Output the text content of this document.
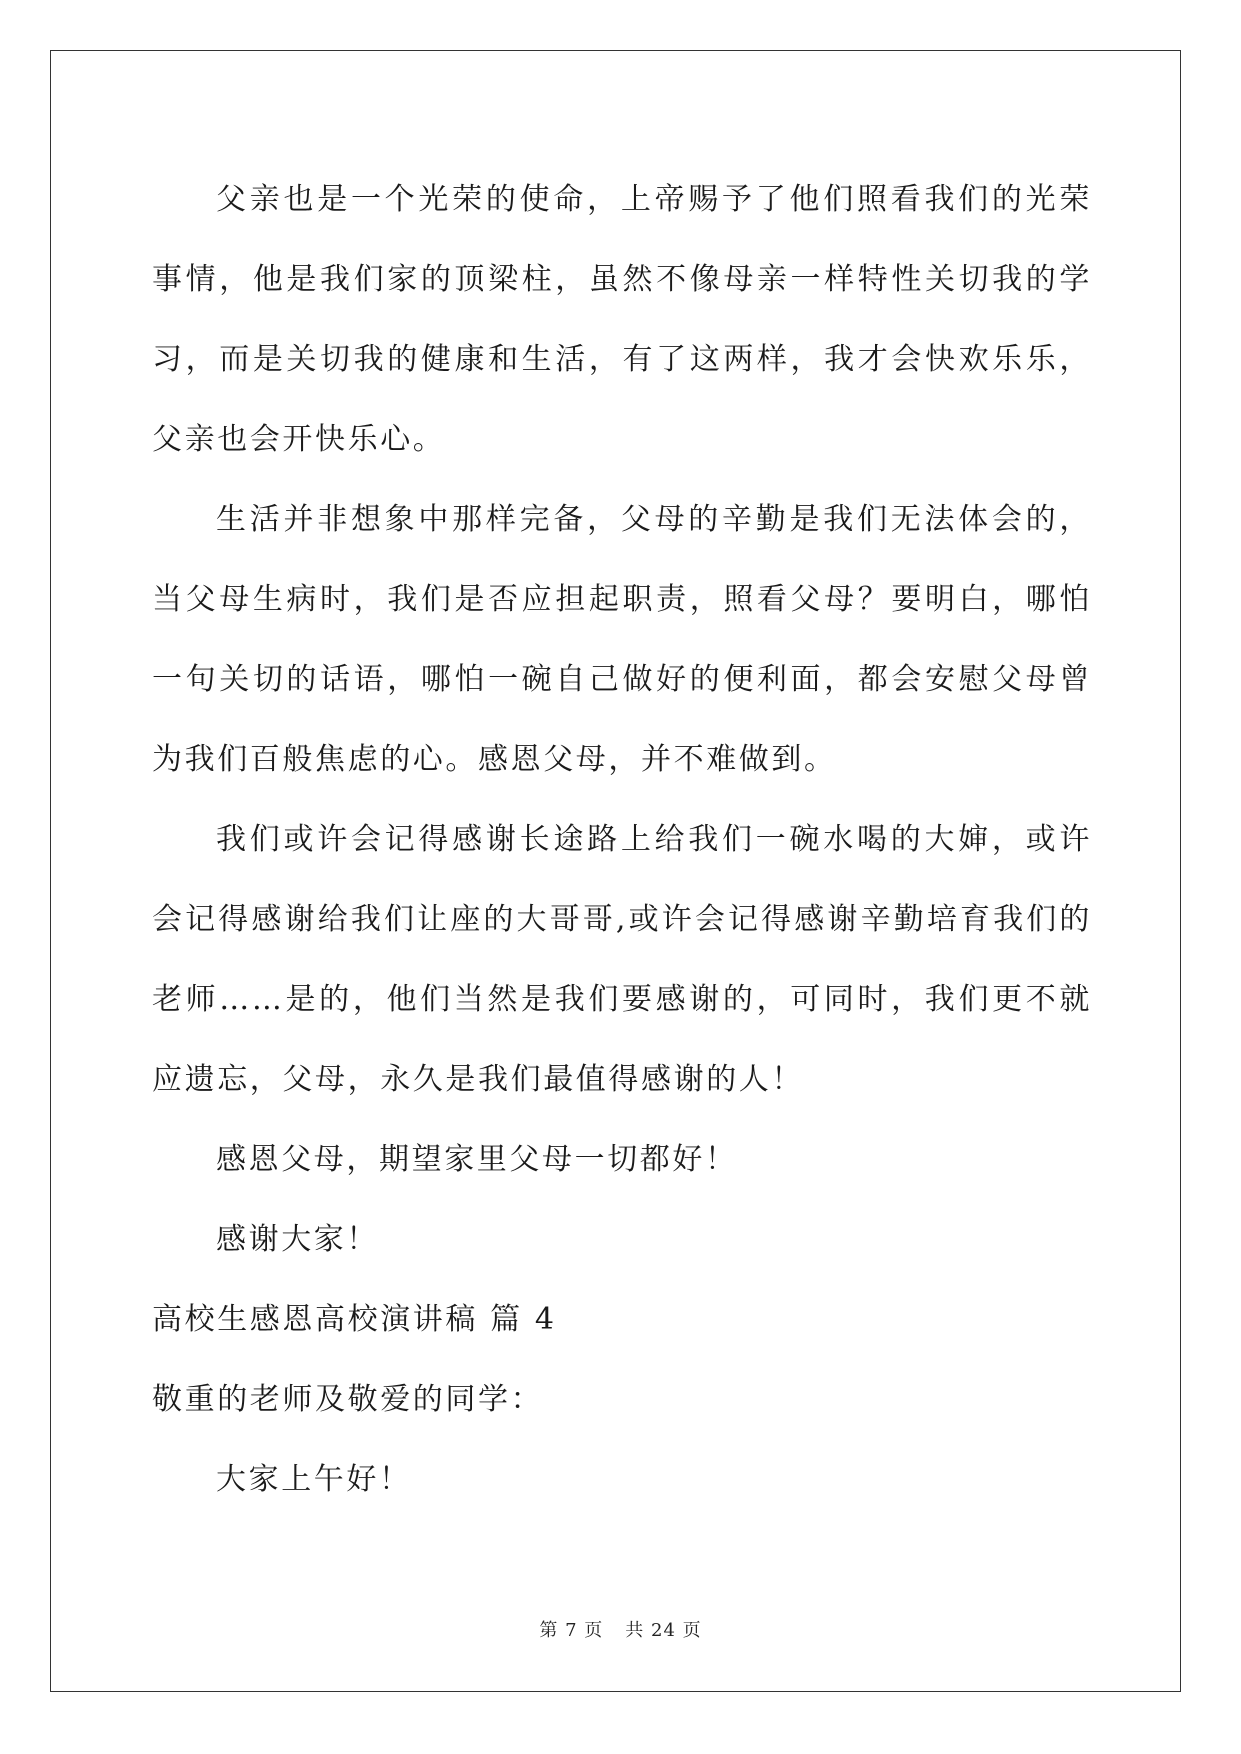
父亲也是一个光荣的使命，上帝赐予了他们照看我们的光荣事情，他是我们家的顶梁柱，虽然不像母亲一样特性关切我的学习，而是关切我的健康和生活，有了这两样，我才会快欢乐乐，父亲也会开快乐心。

生活并非想象中那样完备，父母的辛勤是我们无法体会的，当父母生病时，我们是否应担起职责，照看父母？要明白，哪怕一句关切的话语，哪怕一碗自己做好的便利面，都会安慰父母曾为我们百般焦虑的心。感恩父母，并不难做到。

我们或许会记得感谢长途路上给我们一碗水喝的大婶，或许会记得感谢给我们让座的大哥哥,或许会记得感谢辛勤培育我们的老师……是的，他们当然是我们要感谢的，可同时，我们更不就应遗忘，父母，永久是我们最值得感谢的人！

感恩父母，期望家里父母一切都好！

感谢大家！

高校生感恩高校演讲稿 篇 4

敬重的老师及敬爱的同学：

大家上午好！

第 7 页 共 24 页
